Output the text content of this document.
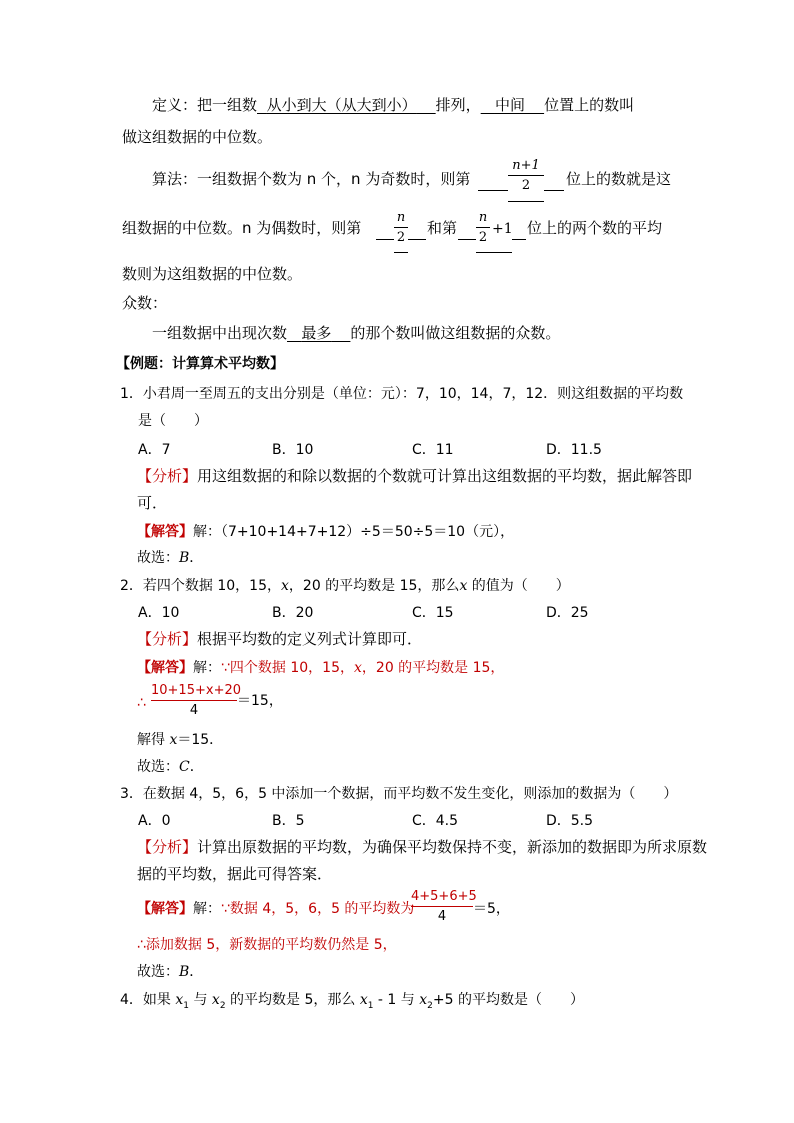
定义：把一组数 从小到大（从大到小） 排列， 中间 位置上的数叫
做这组数据的中位数。
算法：一组数据个数为 n 个，n 为奇数时，则第
n+1
2	位上的数就是这
组数据的中位数。n 为偶数时，则第
n
2
和第
n
2
+1 位上的两个数的平均
数则为这组数据的中位数。
众数：
一组数据中出现次数 最多 的那个数叫做这组数据的众数。
【例题：计算算术平均数】
1．小君周一至周五的支出分别是（单位：元）：7，10，14，7，12．则这组数据的平均数
是（　　）
A．7	B．10	C．11	D．11.5
【分析】用这组数据的和除以数据的个数就可计算出这组数据的平均数，据此解答即
可．
【解答】解：（7+10+14+7+12）÷5＝50÷5＝10（元），
故选：B．
2．若四个数据 10，15，x，20 的平均数是 15，那么x 的值为（　　）
A．10	B．20	C．15	D．25
【分析】根据平均数的定义列式计算即可．
【解答】解：∵四个数据 10，15，x，20 的平均数是 15，
∴
10+15+x+20
4
＝15，
解得 x＝15．
故选：C．
3．在数据 4，5，6，5 中添加一个数据，而平均数不发生变化，则添加的数据为（　　）
A．0	B．5	C．4.5	D．5.5
【分析】计算出原数据的平均数，为确保平均数保持不变，新添加的数据即为所求原数
据的平均数，据此可得答案．
【解答】解：∵数据 4，5，6，5 的平均数为
4+5+6+5
4	＝5，
∴添加数据 5，新数据的平均数仍然是 5，
故选：B．
4．如果 $x_1$ 与 $x_2$ 的平均数是 5，那么 $x_1 - 1$ 与 $x_2+5$ 的平均数是（　　）
